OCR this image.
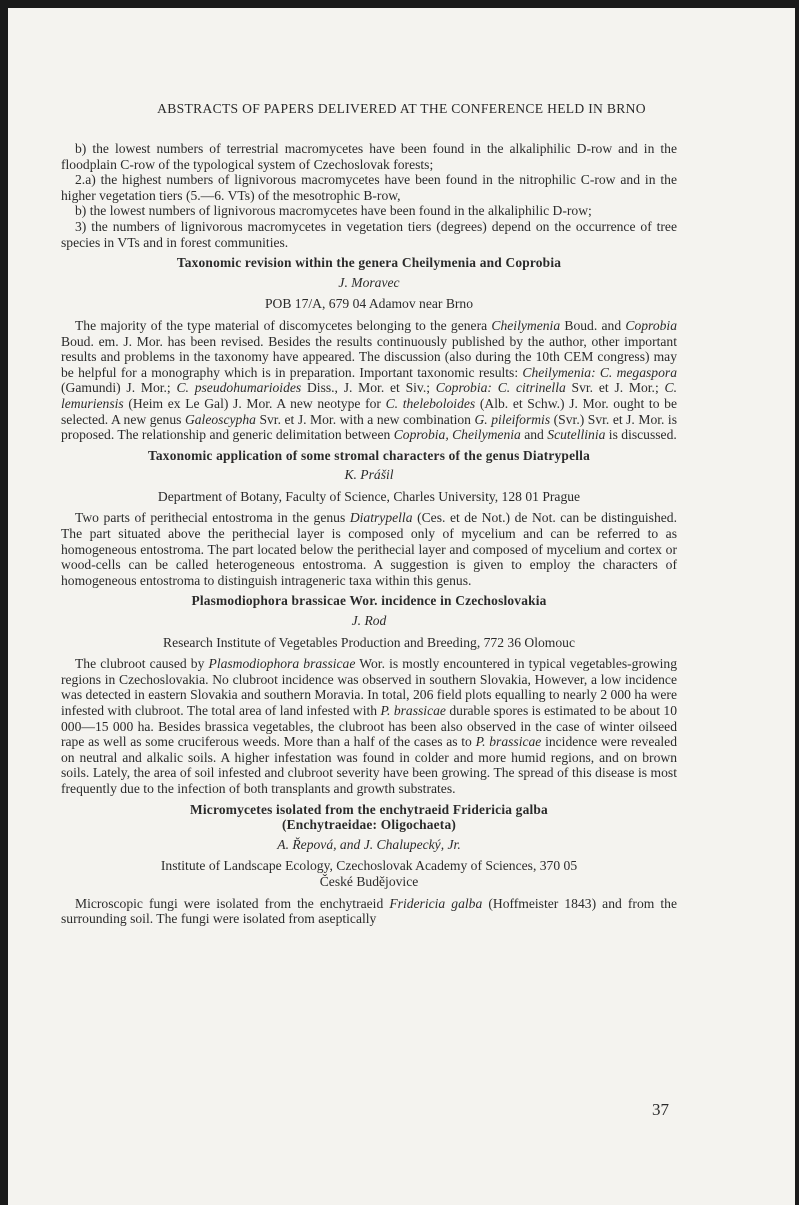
ABSTRACTS OF PAPERS DELIVERED AT THE CONFERENCE HELD IN BRNO

b) the lowest numbers of terrestrial macromycetes have been found in the alkaliphilic D-row and in the floodplain C-row of the typological system of Czechoslovak forests;

2.a) the highest numbers of lignivorous macromycetes have been found in the nitrophilic C-row and in the higher vegetation tiers (5.—6. VTs) of the mesotrophic B-row,

b) the lowest numbers of lignivorous macromycetes have been found in the alkaliphilic D-row;

3) the numbers of lignivorous macromycetes in vegetation tiers (degrees) depend on the occurrence of tree species in VTs and in forest communities.

Taxonomic revision within the genera Cheilymenia and Coprobia
J. Moravec
POB 17/A, 679 04 Adamov near Brno

The majority of the type material of discomycetes belonging to the genera Cheilymenia Boud. and Coprobia Boud. em. J. Mor. has been revised. Besides the results continuously published by the author, other important results and problems in the taxonomy have appeared. The discussion (also during the 10th CEM congress) may be helpful for a monography which is in preparation. Important taxonomic results: Cheilymenia: C. megaspora (Gamundi) J. Mor.; C. pseudohumarioides Diss., J. Mor. et Siv.; Coprobia: C. citrinella Svr. et J. Mor.; C. lemuriensis (Heim ex Le Gal) J. Mor. A new neotype for C. theleboloides (Alb. et Schw.) J. Mor. ought to be selected. A new genus Galeoscypha Svr. et J. Mor. with a new combination G. pileiformis (Svr.) Svr. et J. Mor. is proposed. The relationship and generic delimitation between Coprobia, Cheilymenia and Scutellinia is discussed.

Taxonomic application of some stromal characters of the genus Diatrypella
K. Prášil
Department of Botany, Faculty of Science, Charles University, 128 01 Prague

Two parts of perithecial entostroma in the genus Diatrypella (Ces. et de Not.) de Not. can be distinguished. The part situated above the perithecial layer is composed only of mycelium and can be referred to as homogeneous entostroma. The part located below the perithecial layer and composed of mycelium and cortex or wood-cells can be called heterogeneous entostroma. A suggestion is given to employ the characters of homogeneous entostroma to distinguish intrageneric taxa within this genus.

Plasmodiophora brassicae Wor. incidence in Czechoslovakia
J. Rod
Research Institute of Vegetables Production and Breeding, 772 36 Olomouc

The clubroot caused by Plasmodiophora brassicae Wor. is mostly encountered in typical vegetables-growing regions in Czechoslovakia. No clubroot incidence was observed in southern Slovakia, However, a low incidence was detected in eastern Slovakia and southern Moravia. In total, 206 field plots equalling to nearly 2 000 ha were infested with clubroot. The total area of land infested with P. brassicae durable spores is estimated to be about 10 000—15 000 ha. Besides brassica vegetables, the clubroot has been also observed in the case of winter oilseed rape as well as some cruciferous weeds. More than a half of the cases as to P. brassicae incidence were revealed on neutral and alkalic soils. A higher infestation was found in colder and more humid regions, and on brown soils. Lately, the area of soil infested and clubroot severity have been growing. The spread of this disease is most frequently due to the infection of both transplants and growth substrates.

Micromycetes isolated from the enchytraeid Fridericia galba
(Enchytraeidae: Oligochaeta)
A. Řepová, and J. Chalupecký, Jr.
Institute of Landscape Ecology, Czechoslovak Academy of Sciences, 370 05
České Budějovice

Microscopic fungi were isolated from the enchytraeid Fridericia galba (Hoffmeister 1843) and from the surrounding soil. The fungi were isolated from aseptically

37
